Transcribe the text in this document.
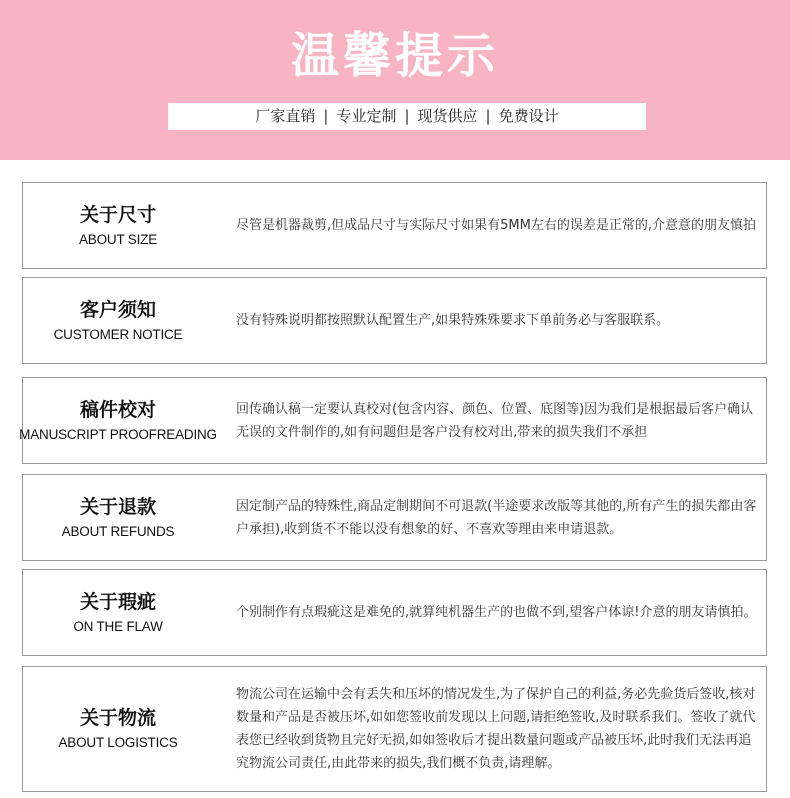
温馨提示
厂家直销 | 专业定制 | 现货供应 | 免费设计
关于尺寸
ABOUT SIZE
尽管是机器裁剪,但成品尺寸与实际尺寸如果有5MM左右的误差是正常的,介意意的朋友慎拍
客户须知
CUSTOMER NOTICE
没有特殊说明都按照默认配置生产,如果特殊殊要求下单前务必与客服联系。
稿件校对
MANUSCRIPT PROOFREADING
回传确认稿一定要认真校对(包含内容、颜色、位置、底图等)因为我们是根据最后客户确认无误的文件制作的,如有问题但是客户没有校对出,带来的损失我们不承担
关于退款
ABOUT REFUNDS
因定制产品的特殊性,商品定制期间不可退款(半途要求改版等其他的,所有产生的损失都由客户承担),收到货不不能以没有想象的好、不喜欢等理由来申请退款。
关于瑕疵
ON THE FLAW
个别制作有点瑕疵这是难免的,就算纯机器生产的也做不到,望客户体谅!介意的朋友请慎拍。
关于物流
ABOUT LOGISTICS
物流公司在运输中会有丢失和压坏的情况发生,为了保护自己的利益,务必先验货后签收,核对数量和产品是否被压坏,如如您签收前发现以上问题,请拒绝签收,及时联系我们。签收了就代表您已经收到货物且完好无损,如如签收后才提出数量问题或产品被压坏,此时我们无法再追究物流公司责任,由此带来的损失,我们概不负责,请理解。
